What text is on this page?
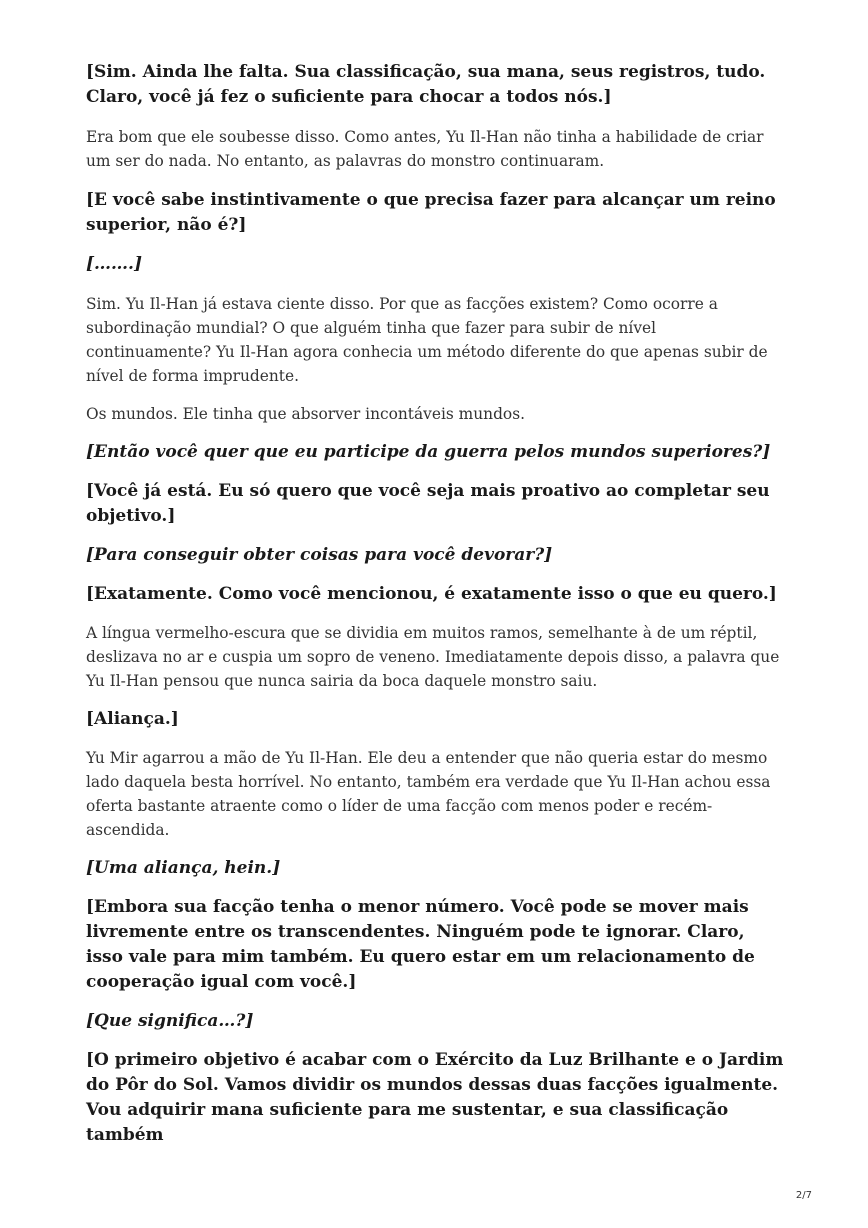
[Sim. Ainda lhe falta. Sua classificação, sua mana, seus registros, tudo. Claro, você já fez o suficiente para chocar a todos nós.]

Era bom que ele soubesse disso. Como antes, Yu Il-Han não tinha a habilidade de criar um ser do nada. No entanto, as palavras do monstro continuaram.

[E você sabe instintivamente o que precisa fazer para alcançar um reino superior, não é?]

[…….]

Sim. Yu Il-Han já estava ciente disso. Por que as facções existem? Como ocorre a subordinação mundial? O que alguém tinha que fazer para subir de nível continuamente? Yu Il-Han agora conhecia um método diferente do que apenas subir de nível de forma imprudente.

Os mundos. Ele tinha que absorver incontáveis mundos.

[Então você quer que eu participe da guerra pelos mundos superiores?]

[Você já está. Eu só quero que você seja mais proativo ao completar seu objetivo.]

[Para conseguir obter coisas para você devorar?]

[Exatamente. Como você mencionou, é exatamente isso o que eu quero.]

A língua vermelho-escura que se dividia em muitos ramos, semelhante à de um réptil, deslizava no ar e cuspia um sopro de veneno. Imediatamente depois disso, a palavra que Yu Il-Han pensou que nunca sairia da boca daquele monstro saiu.

[Aliança.]

Yu Mir agarrou a mão de Yu Il-Han. Ele deu a entender que não queria estar do mesmo lado daquela besta horrível. No entanto, também era verdade que Yu Il-Han achou essa oferta bastante atraente como o líder de uma facção com menos poder e recém-ascendida.

[Uma aliança, hein.]

[Embora sua facção tenha o menor número. Você pode se mover mais livremente entre os transcendentes. Ninguém pode te ignorar. Claro, isso vale para mim também. Eu quero estar em um relacionamento de cooperação igual com você.]

[Que significa…?]

[O primeiro objetivo é acabar com o Exército da Luz Brilhante e o Jardim do Pôr do Sol. Vamos dividir os mundos dessas duas facções igualmente. Vou adquirir mana suficiente para me sustentar, e sua classificação também

2/7
